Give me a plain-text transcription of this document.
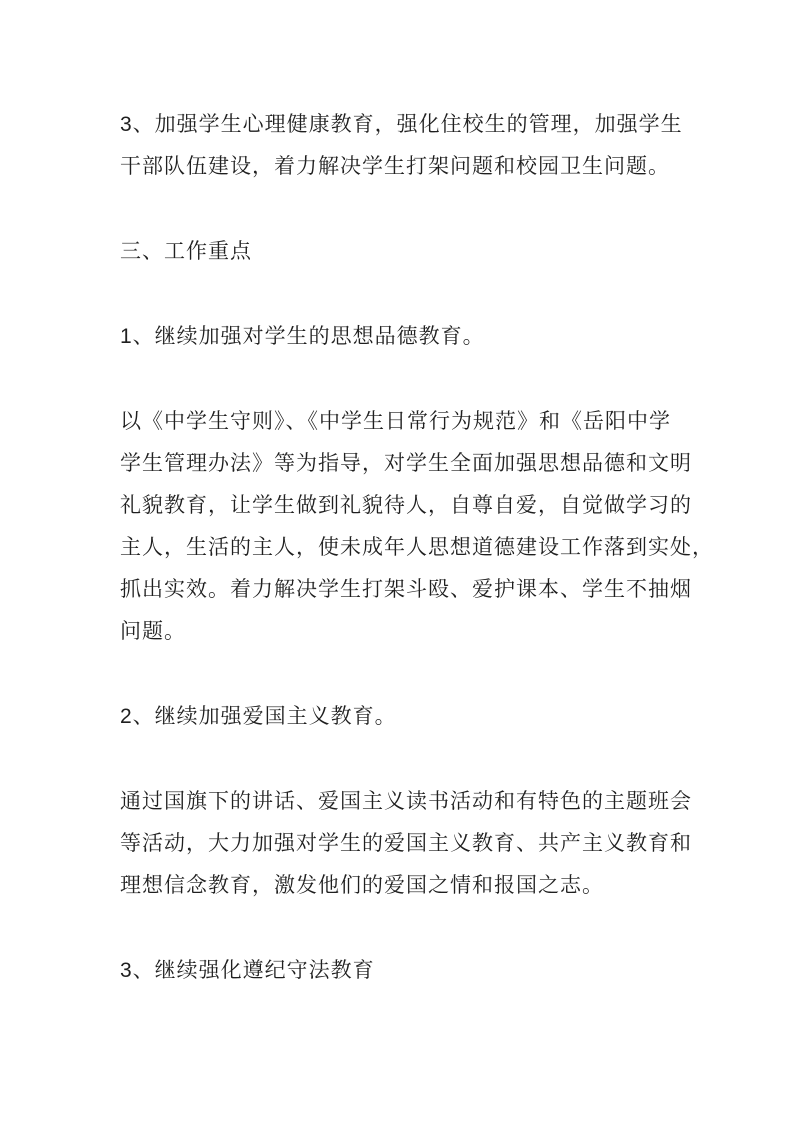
3、加强学生心理健康教育，强化住校生的管理，加强学生
干部队伍建设，着力解决学生打架问题和校园卫生问题。
三、工作重点
1、继续加强对学生的思想品德教育。
以《中学生守则》、《中学生日常行为规范》和《岳阳中学
学生管理办法》等为指导，对学生全面加强思想品德和文明
礼貌教育，让学生做到礼貌待人，自尊自爱，自觉做学习的
主人，生活的主人，使未成年人思想道德建设工作落到实处，
抓出实效。着力解决学生打架斗殴、爱护课本、学生不抽烟
问题。
2、继续加强爱国主义教育。
通过国旗下的讲话、爱国主义读书活动和有特色的主题班会
等活动，大力加强对学生的爱国主义教育、共产主义教育和
理想信念教育，激发他们的爱国之情和报国之志。
3、继续强化遵纪守法教育
